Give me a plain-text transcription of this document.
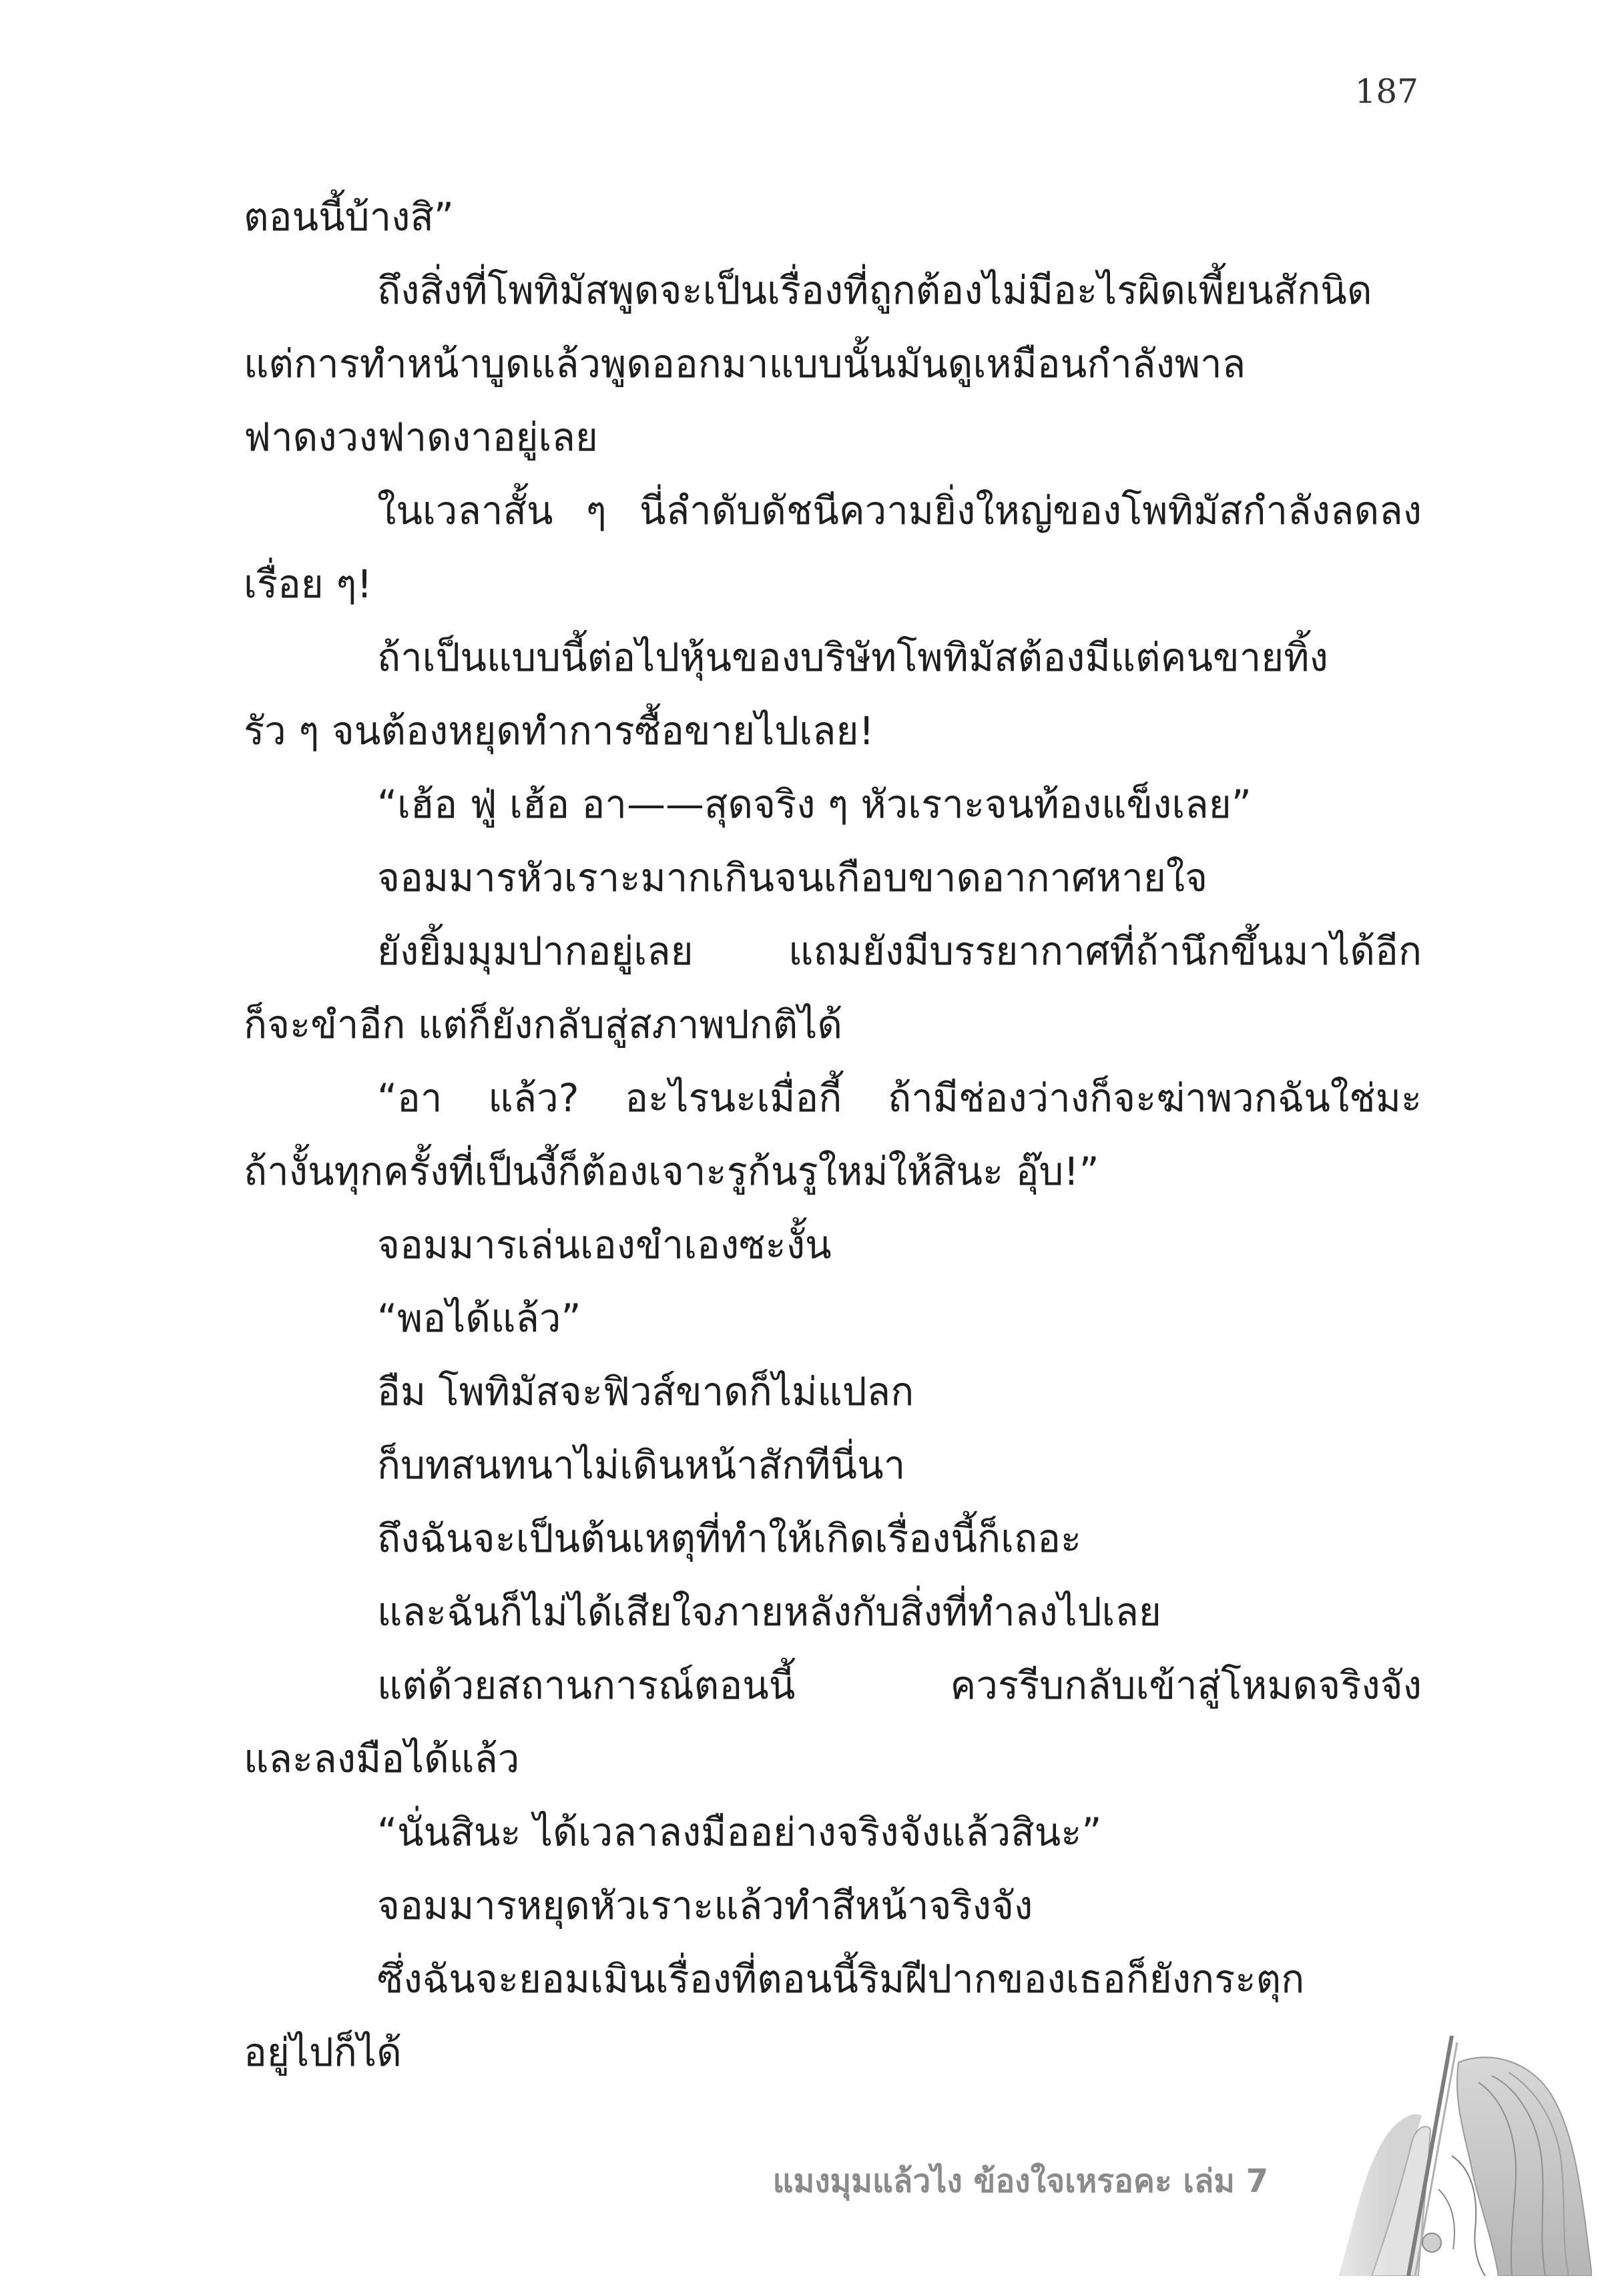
187
ตอนนี้บ้างสิ”
ถึงสิ่งที่โพทิมัสพูดจะเป็นเรื่องที่ถูกต้องไม่มีอะไรผิดเพี้ยนสักนิด
แต่การทำหน้าบูดแล้วพูดออกมาแบบนั้นมันดูเหมือนกำลังพาล
ฟาดงวงฟาดงาอยู่เลย
ในเวลาสั้น ๆ นี่ลำดับดัชนีความยิ่งใหญ่ของโพทิมัสกำลังลดลง
เรื่อย ๆ!
ถ้าเป็นแบบนี้ต่อไปหุ้นของบริษัทโพทิมัสต้องมีแต่คนขายทิ้ง
รัว ๆ จนต้องหยุดทำการซื้อขายไปเลย!
“เฮ้อ ฟู่ เฮ้อ อา——สุดจริง ๆ หัวเราะจนท้องแข็งเลย”
จอมมารหัวเราะมากเกินจนเกือบขาดอากาศหายใจ
ยังยิ้มมุมปากอยู่เลย แถมยังมีบรรยากาศที่ถ้านึกขึ้นมาได้อีก
ก็จะขำอีก แต่ก็ยังกลับสู่สภาพปกติได้
“อา แล้ว? อะไรนะเมื่อกี้ ถ้ามีช่องว่างก็จะฆ่าพวกฉันใช่มะ
ถ้างั้นทุกครั้งที่เป็นงี้ก็ต้องเจาะรูก้นรูใหม่ให้สินะ อุ๊บ!”
จอมมารเล่นเองขำเองซะงั้น
“พอได้แล้ว”
อืม โพทิมัสจะฟิวส์ขาดก็ไม่แปลก
ก็บทสนทนาไม่เดินหน้าสักทีนี่นา
ถึงฉันจะเป็นต้นเหตุที่ทำให้เกิดเรื่องนี้ก็เถอะ
และฉันก็ไม่ได้เสียใจภายหลังกับสิ่งที่ทำลงไปเลย
แต่ด้วยสถานการณ์ตอนนี้ ควรรีบกลับเข้าสู่โหมดจริงจัง
และลงมือได้แล้ว
“นั่นสินะ ได้เวลาลงมืออย่างจริงจังแล้วสินะ”
จอมมารหยุดหัวเราะแล้วทำสีหน้าจริงจัง
ซึ่งฉันจะยอมเมินเรื่องที่ตอนนี้ริมฝีปากของเธอก็ยังกระตุก
อยู่ไปก็ได้
แมงมุมแล้วไง ข้องใจเหรอคะ เล่ม 7
